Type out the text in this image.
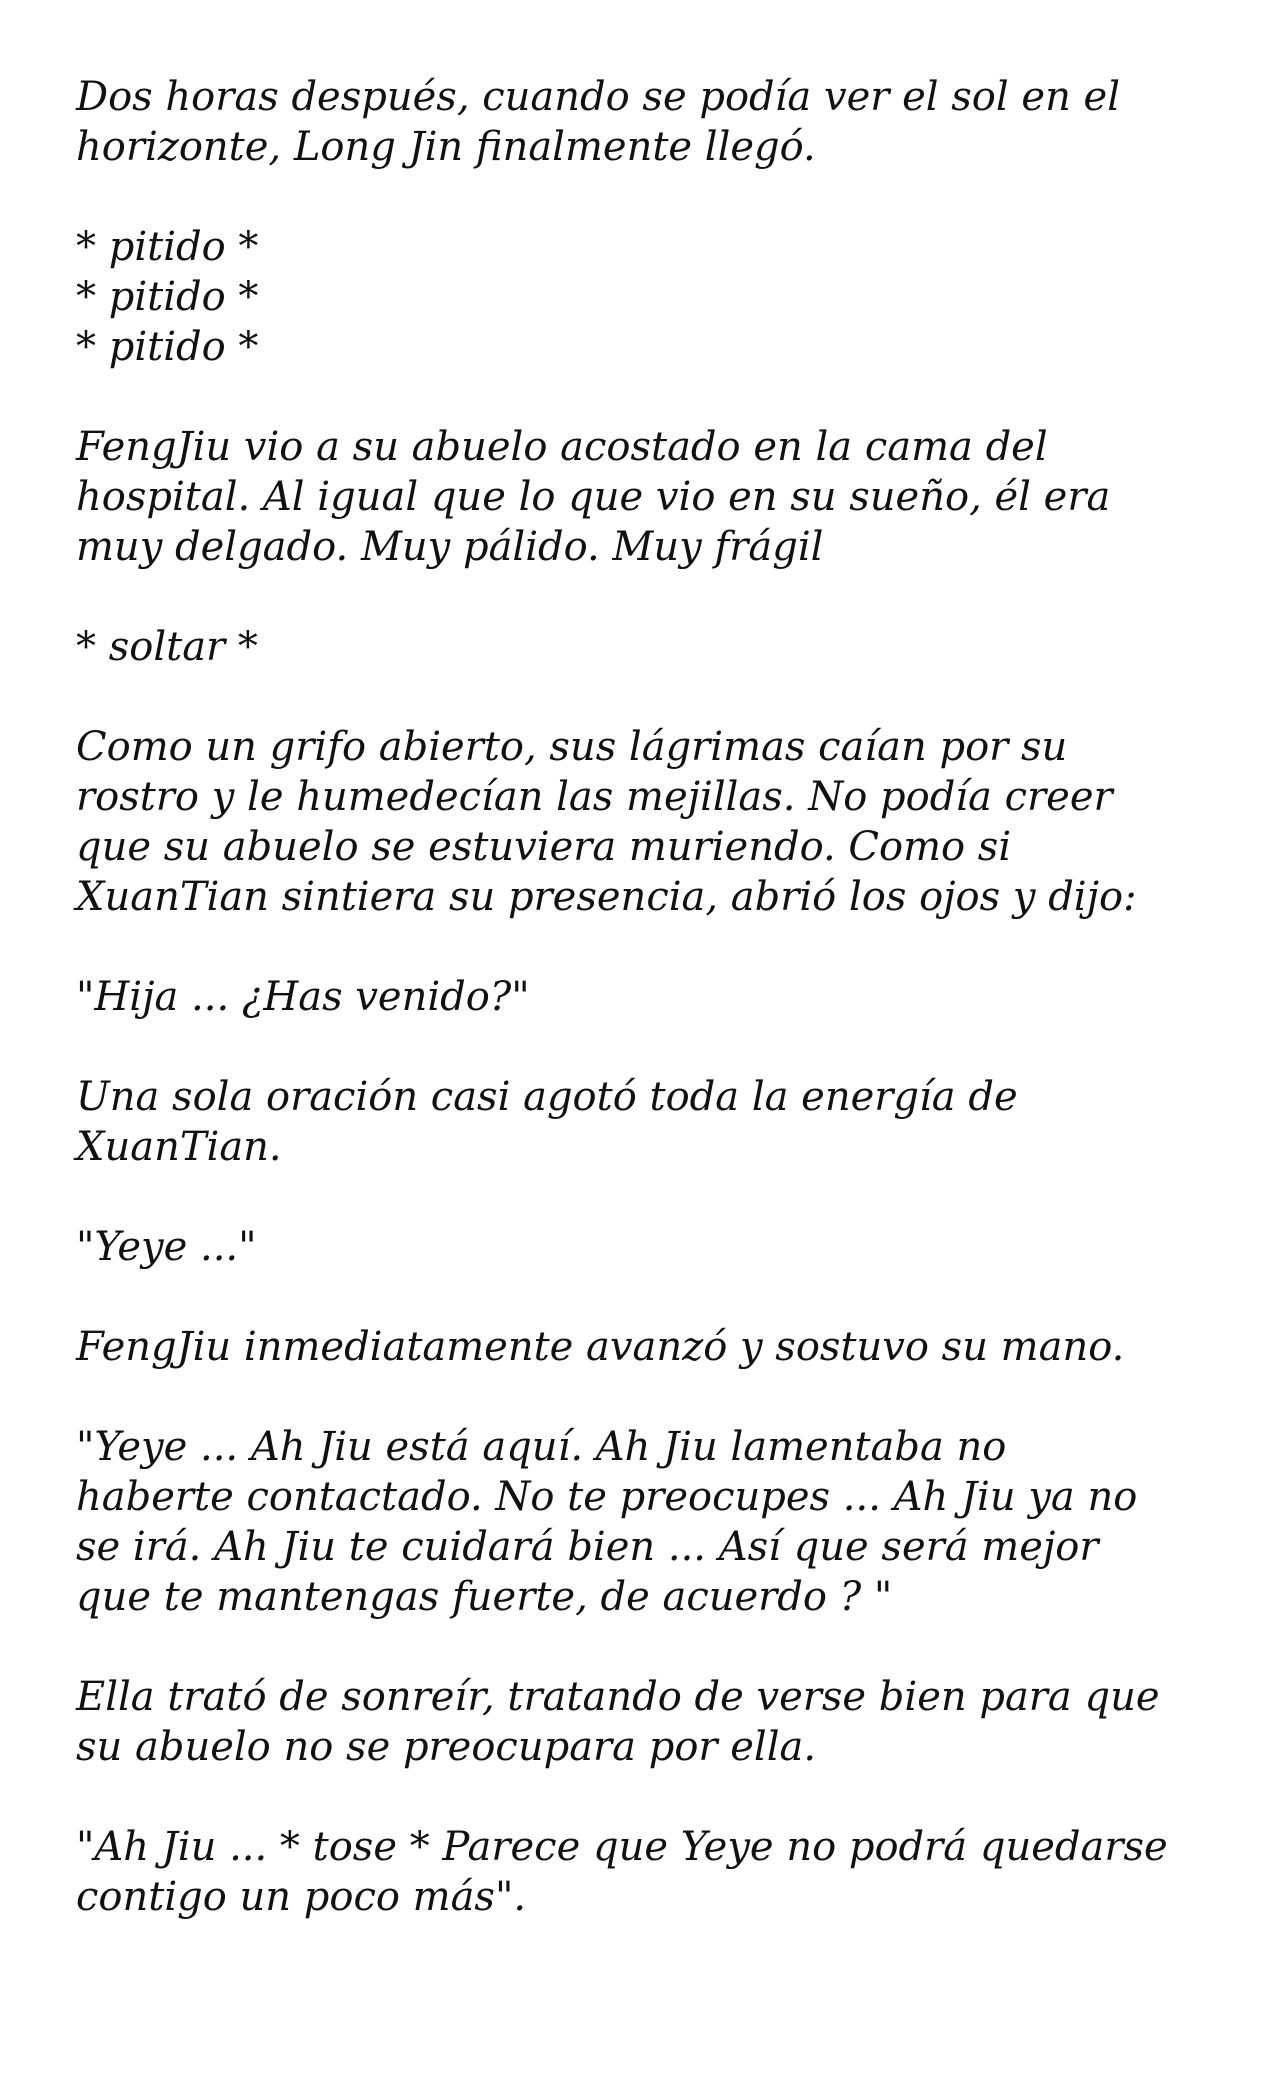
Dos horas después, cuando se podía ver el sol en el
horizonte, Long Jin finalmente llegó.
* pitido *
* pitido *
* pitido *
FengJiu vio a su abuelo acostado en la cama del
hospital. Al igual que lo que vio en su sueño, él era
muy delgado. Muy pálido. Muy frágil
* soltar *
Como un grifo abierto, sus lágrimas caían por su
rostro y le humedecían las mejillas. No podía creer
que su abuelo se estuviera muriendo. Como si
XuanTian sintiera su presencia, abrió los ojos y dijo:
"Hija ... ¿Has venido?"
Una sola oración casi agotó toda la energía de
XuanTian.
"Yeye ..."
FengJiu inmediatamente avanzó y sostuvo su mano.
"Yeye ... Ah Jiu está aquí. Ah Jiu lamentaba no
haberte contactado. No te preocupes ... Ah Jiu ya no
se irá. Ah Jiu te cuidará bien ... Así que será mejor
que te mantengas fuerte, de acuerdo ? "
Ella trató de sonreír, tratando de verse bien para que
su abuelo no se preocupara por ella.
"Ah Jiu ... * tose * Parece que Yeye no podrá quedarse
contigo un poco más".
